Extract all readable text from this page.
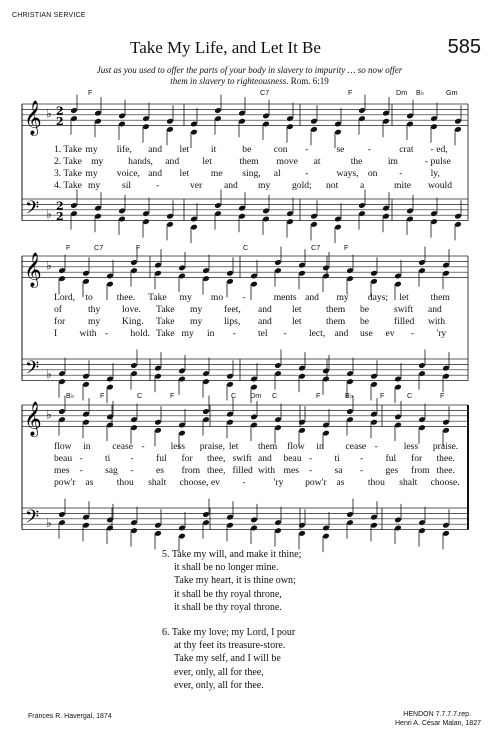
𝄞
𝄢
♭
♭
2
2
2
2
𝄞
𝄢
♭
♭
𝄞
𝄢
♭
♭
CHRISTIAN SERVICE
Take My Life, and Let It Be	585
Just as you used to offer the parts of your body in slavery to impurity … so now offer
them in slavery to righteousness. Rom. 6:19
1. Take my life, and let it	be con -	se -	crat - ed,
2. Take my	hands, and let	them move at	the	im	- pulse
3. Take my voice, and let me sing, al	-	ways, on -	ly,
4. Take my sil	-	ver and my gold; not a	mite would
Lord, to thee. Take my mo -	ments and my days; let them
of	thy love. Take my feet, and let	them be	swift and
for my King. Take my lips, and let	them be	filled with
I with - hold. Take my in - tel - lect, and use ev - 'ry
flow in cease -	less praise, let them flow in cease -	less praise.
beau - ti - ful for thee, swift and beau - ti - ful for thee.
mes - sag - es from thee, filled with mes - sa - ges from thee.
pow'r as thou shalt choose, ev -	'ry pow'r as thou shalt choose.
F	C7	F	Dm B♭	Gm
F	C7	F	C	C7	F
B♭	F	C	F	C Dm C	F	B♭	F	C	F
5. Take my will, and make it thine;
it shall be no longer mine.
Take my heart, it is thine own;
it shall be thy royal throne,
it shall be thy royal throne.
6. Take my love; my Lord, I pour
at thy feet its treasure-store.
Take my self, and I will be
ever, only, all for thee,
ever, only, all for thee.
Frances R. Havergal, 1874	HENDON 7.7.7.7.rep.
Henri A. César Malan, 1827
